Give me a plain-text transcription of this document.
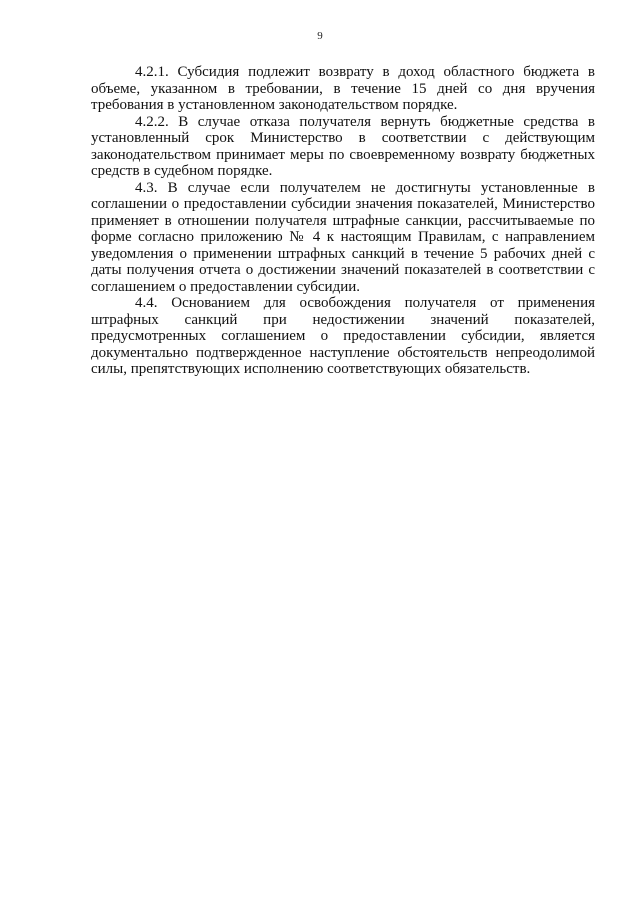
9

4.2.1. Субсидия подлежит возврату в доход областного бюджета в объеме, указанном в требовании, в течение 15 дней со дня вручения требования в установленном законодательством порядке.

4.2.2. В случае отказа получателя вернуть бюджетные средства в установленный срок Министерство в соответствии с действующим законодательством принимает меры по своевременному возврату бюджетных средств в судебном порядке.

4.3. В случае если получателем не достигнуты установленные в соглашении о предоставлении субсидии значения показателей, Министерство применяет в отношении получателя штрафные санкции, рассчитываемые по форме согласно приложению № 4 к настоящим Правилам, с направлением уведомления о применении штрафных санкций в течение 5 рабочих дней с даты получения отчета о достижении значений показателей в соответствии с соглашением о предоставлении субсидии.

4.4. Основанием для освобождения получателя от применения штрафных санкций при недостижении значений показателей, предусмотренных соглашением о предоставлении субсидии, является документально подтвержденное наступление обстоятельств непреодолимой силы, препятствующих исполнению соответствующих обязательств.
